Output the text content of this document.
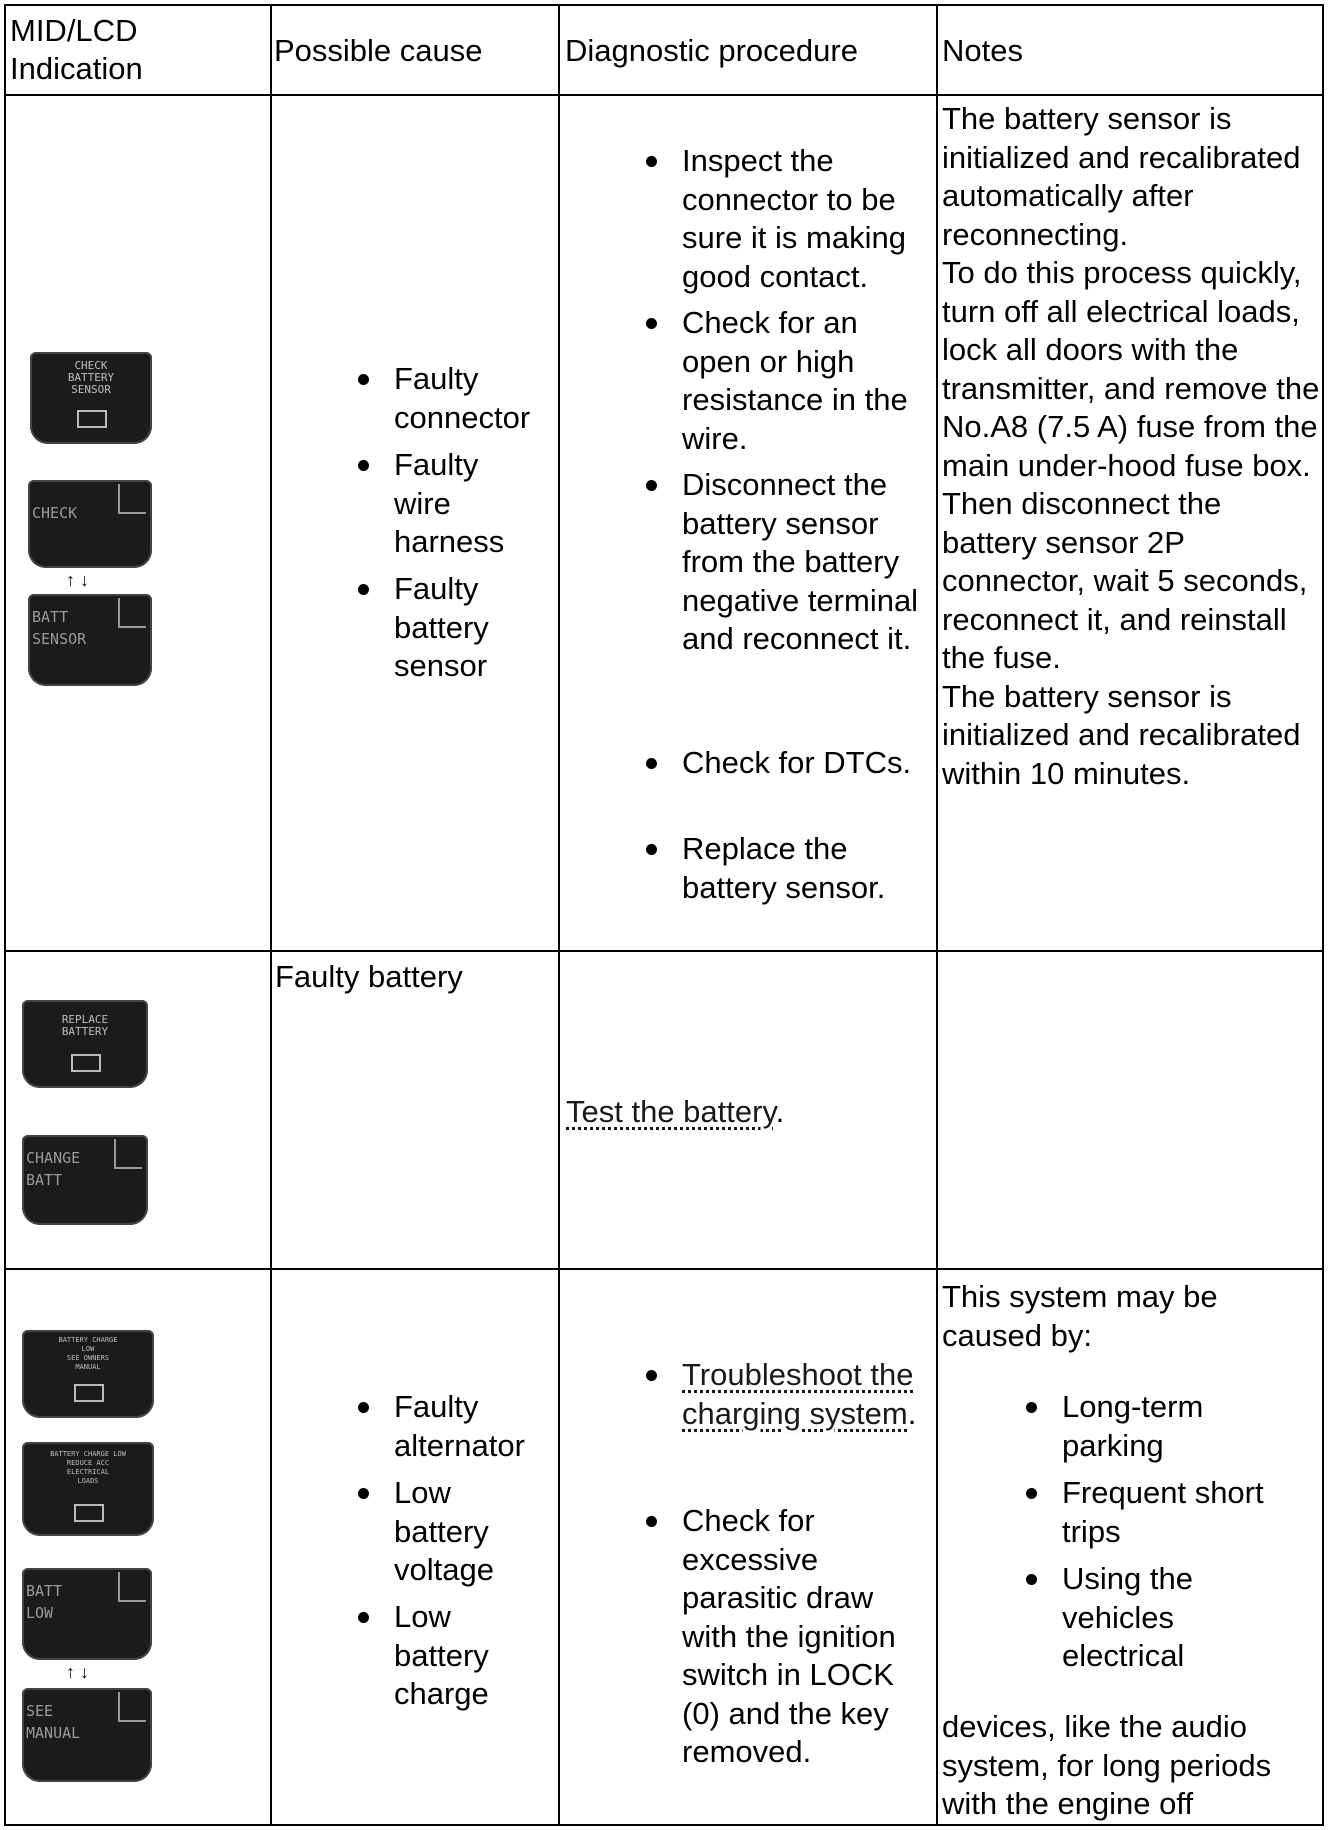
MID/LCD
Indication
Possible cause	Diagnostic procedure	Notes
CHECK
BATTERY
SENSOR
CHECK
↑ ↓
BATT
SENSOR
Faulty connector
Faulty wire harness
Faulty battery sensor
Inspect the connector to be sure it is making good contact.
Check for an open or high resistance in the wire.
Disconnect the battery sensor from the battery negative terminal and reconnect it.
Check for DTCs.
Replace the battery sensor.
The battery sensor is initialized and recalibrated automatically after reconnecting.
To do this process quickly, turn off all electrical loads, lock all doors with the transmitter, and remove the No.A8 (7.5 A) fuse from the main under-hood fuse box. Then disconnect the battery sensor 2P connector, wait 5 seconds, reconnect it, and reinstall the fuse.
The battery sensor is initialized and recalibrated within 10 minutes.
REPLACE
BATTERY
CHANGE
BATT
Faulty battery
Test the battery.
BATTERY CHARGE
LOW
SEE OWNERS
MANUAL
BATTERY CHARGE LOW
REDUCE ACC
ELECTRICAL
LOADS
BATT
LOW
↑ ↓
SEE
MANUAL
Faulty alternator
Low battery voltage
Low battery charge
Troubleshoot the charging system.
Check for excessive parasitic draw with the ignition switch in LOCK (0) and the key removed.
This system may be caused by:
Long-term parking
Frequent short trips
Using the vehicles electrical
devices, like the audio system, for long periods with the engine off
